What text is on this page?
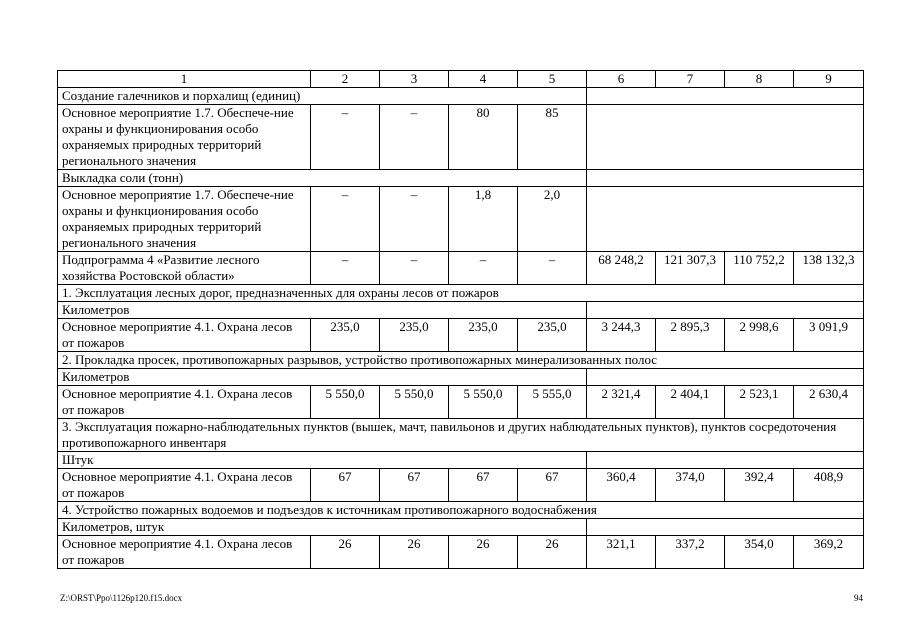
1	2	3	4	5	6	7	8	9
Создание галечников и порхалищ (единиц)								
Основное мероприятие 1.7. Обеспече-ние охраны и функционирования особо охраняемых природных территорий регионального значения	–	–	80	85				
Выкладка соли (тонн)								
Основное мероприятие 1.7. Обеспече-ние охраны и функционирования особо охраняемых природных территорий регионального значения	–	–	1,8	2,0				
Подпрограмма 4 «Развитие лесного хозяйства Ростовской области»	–	–	–	–	68 248,2	121 307,3	110 752,2	138 132,3
1. Эксплуатация лесных дорог, предназначенных для охраны лесов от пожаров								
Километров								
Основное мероприятие 4.1. Охрана лесов от пожаров	235,0	235,0	235,0	235,0	3 244,3	2 895,3	2 998,6	3 091,9
2. Прокладка просек, противопожарных разрывов, устройство противопожарных минерализованных полос								
Километров								
Основное мероприятие 4.1. Охрана лесов от пожаров	5 550,0	5 550,0	5 550,0	5 555,0	2 321,4	2 404,1	2 523,1	2 630,4
3. Эксплуатация пожарно-наблюдательных пунктов (вышек, мачт, павильонов и других наблюдательных пунктов), пунктов сосредоточения противопожарного инвентаря								
Штук								
Основное мероприятие 4.1. Охрана лесов от пожаров	67	67	67	67	360,4	374,0	392,4	408,9
4. Устройство пожарных водоемов и подъездов к источникам противопожарного водоснабжения								
Километров, штук								
Основное мероприятие 4.1. Охрана лесов от пожаров	26	26	26	26	321,1	337,2	354,0	369,2
Z:\ORST\Ppo\1126p120.f15.docx	94
